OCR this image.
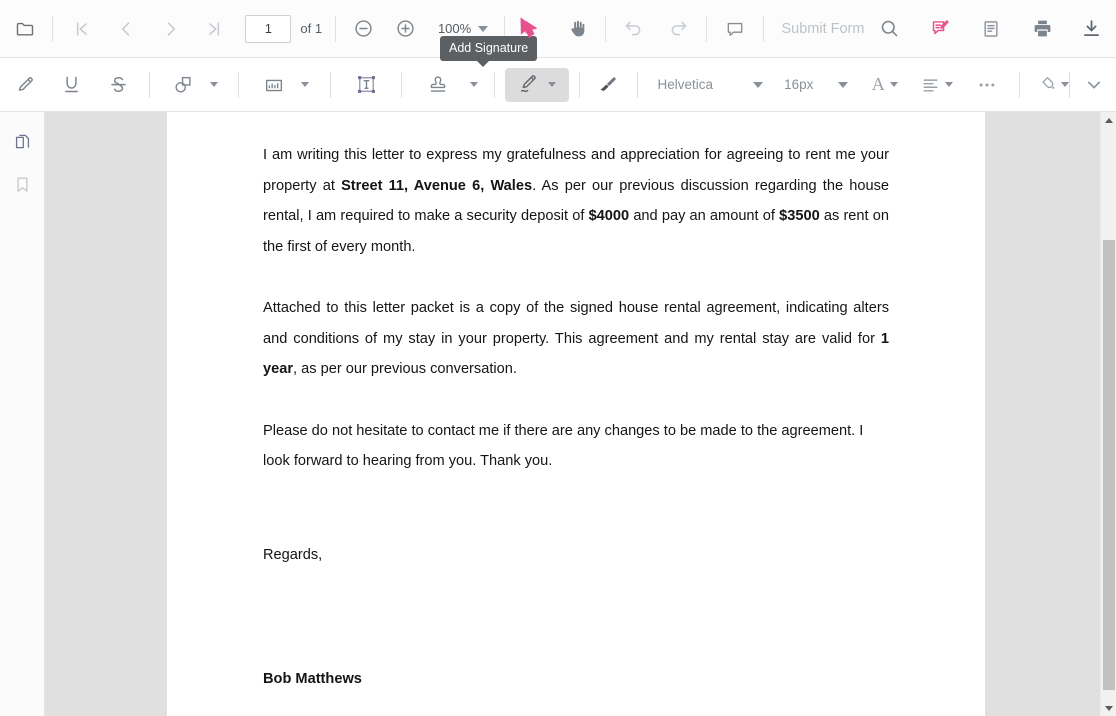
1
of 1	100%	Submit Form
Helvetica	16px	A
Add Signature

I am writing this letter to express my gratefulness and appreciation for agreeing to rent me your property at Street 11, Avenue 6, Wales. As per our previous discussion regarding the house rental, I am required to make a security deposit of $4000 and pay an amount of $3500 as rent on the first of every month.

Attached to this letter packet is a copy of the signed house rental agreement, indicating alters and conditions of my stay in your property. This agreement and my rental stay are valid for 1 year, as per our previous conversation.

Please do not hesitate to contact me if there are any changes to be made to the agreement. I look forward to hearing from you. Thank you.

Regards,

Bob Matthews
